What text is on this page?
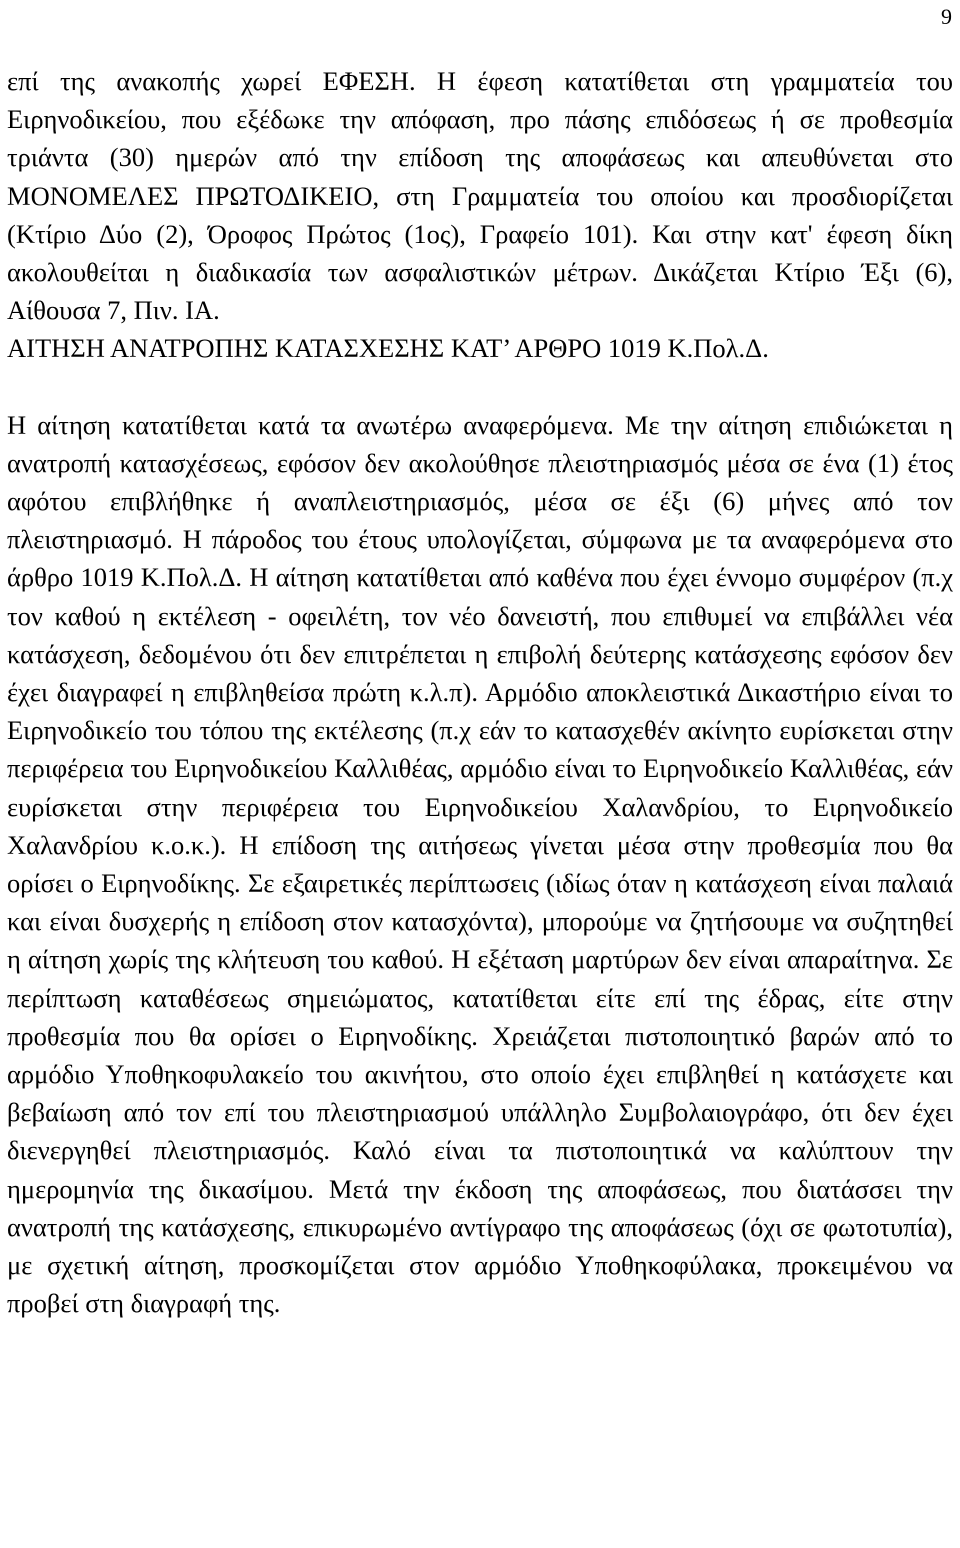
9

επί της ανακοπής χωρεί ΕΦΕΣΗ. Η έφεση κατατίθεται στη γραμματεία του Ειρηνοδικείου, που εξέδωκε την απόφαση, προ πάσης επιδόσεως ή σε προθεσμία τριάντα (30) ημερών από την επίδοση της αποφάσεως και απευθύνεται στο ΜΟΝΟΜΕΛΕΣ ΠΡΩΤΟΔΙΚΕΙΟ, στη Γραμματεία του οποίου και προσδιορίζεται (Κτίριο Δύο (2), Όροφος Πρώτος (1ος), Γραφείο 101). Και στην κατ' έφεση δίκη ακολουθείται η διαδικασία των ασφαλιστικών μέτρων. Δικάζεται Κτίριο Έξι (6), Αίθουσα 7, Πιν. ΙΑ.

ΑΙΤΗΣΗ ΑΝΑΤΡΟΠΗΣ ΚΑΤΑΣΧΕΣΗΣ ΚΑΤ’ ΑΡΘΡΟ 1019 Κ.Πολ.Δ.

Η αίτηση κατατίθεται κατά τα ανωτέρω αναφερόμενα. Με την αίτηση επιδιώκεται η ανατροπή κατασχέσεως, εφόσον δεν ακολούθησε πλειστηριασμός μέσα σε ένα (1) έτος αφότου επιβλήθηκε ή αναπλειστηριασμός, μέσα σε έξι (6) μήνες από τον πλειστηριασμό. Η πάροδος του έτους υπολογίζεται, σύμφωνα με τα αναφερόμενα στο άρθρο 1019 Κ.Πολ.Δ. Η αίτηση κατατίθεται από καθένα που έχει έννομο συμφέρον (π.χ τον καθού η εκτέλεση - οφειλέτη, τον νέο δανειστή, που επιθυμεί να επιβάλλει νέα κατάσχεση, δεδομένου ότι δεν επιτρέπεται η επιβολή δεύτερης κατάσχεσης εφόσον δεν έχει διαγραφεί η επιβληθείσα πρώτη κ.λ.π). Αρμόδιο αποκλειστικά Δικαστήριο είναι το Ειρηνοδικείο του τόπου της εκτέλεσης (π.χ εάν το κατασχεθέν ακίνητο ευρίσκεται στην περιφέρεια του Ειρηνοδικείου Καλλιθέας, αρμόδιο είναι το Ειρηνοδικείο Καλλιθέας, εάν ευρίσκεται στην περιφέρεια του Ειρηνοδικείου Χαλανδρίου, το Ειρηνοδικείο Χαλανδρίου κ.ο.κ.). Η επίδοση της αιτήσεως γίνεται μέσα στην προθεσμία που θα ορίσει ο Ειρηνοδίκης. Σε εξαιρετικές περίπτωσεις (ιδίως όταν η κατάσχεση είναι παλαιά και είναι δυσχερής η επίδοση στον κατασχόντα), μπορούμε να ζητήσουμε να συζητηθεί η αίτηση χωρίς της κλήτευση του καθού. Η εξέταση μαρτύρων δεν είναι απαραίτηνα. Σε περίπτωση καταθέσεως σημειώματος, κατατίθεται είτε επί της έδρας, είτε στην προθεσμία που θα ορίσει ο Ειρηνοδίκης. Χρειάζεται πιστοποιητικό βαρών από το αρμόδιο Υποθηκοφυλακείο του ακινήτου, στο οποίο έχει επιβληθεί η κατάσχετε και βεβαίωση από τον επί του πλειστηριασμού υπάλληλο Συμβολαιογράφο, ότι δεν έχει διενεργηθεί πλειστηριασμός. Καλό είναι τα πιστοποιητικά να καλύπτουν την ημερομηνία της δικασίμου. Μετά την έκδοση της αποφάσεως, που διατάσσει την ανατροπή της κατάσχεσης, επικυρωμένο αντίγραφο της αποφάσεως (όχι σε φωτοτυπία), με σχετική αίτηση, προσκομίζεται στον αρμόδιο Υποθηκοφύλακα, προκειμένου να προβεί στη διαγραφή της.
